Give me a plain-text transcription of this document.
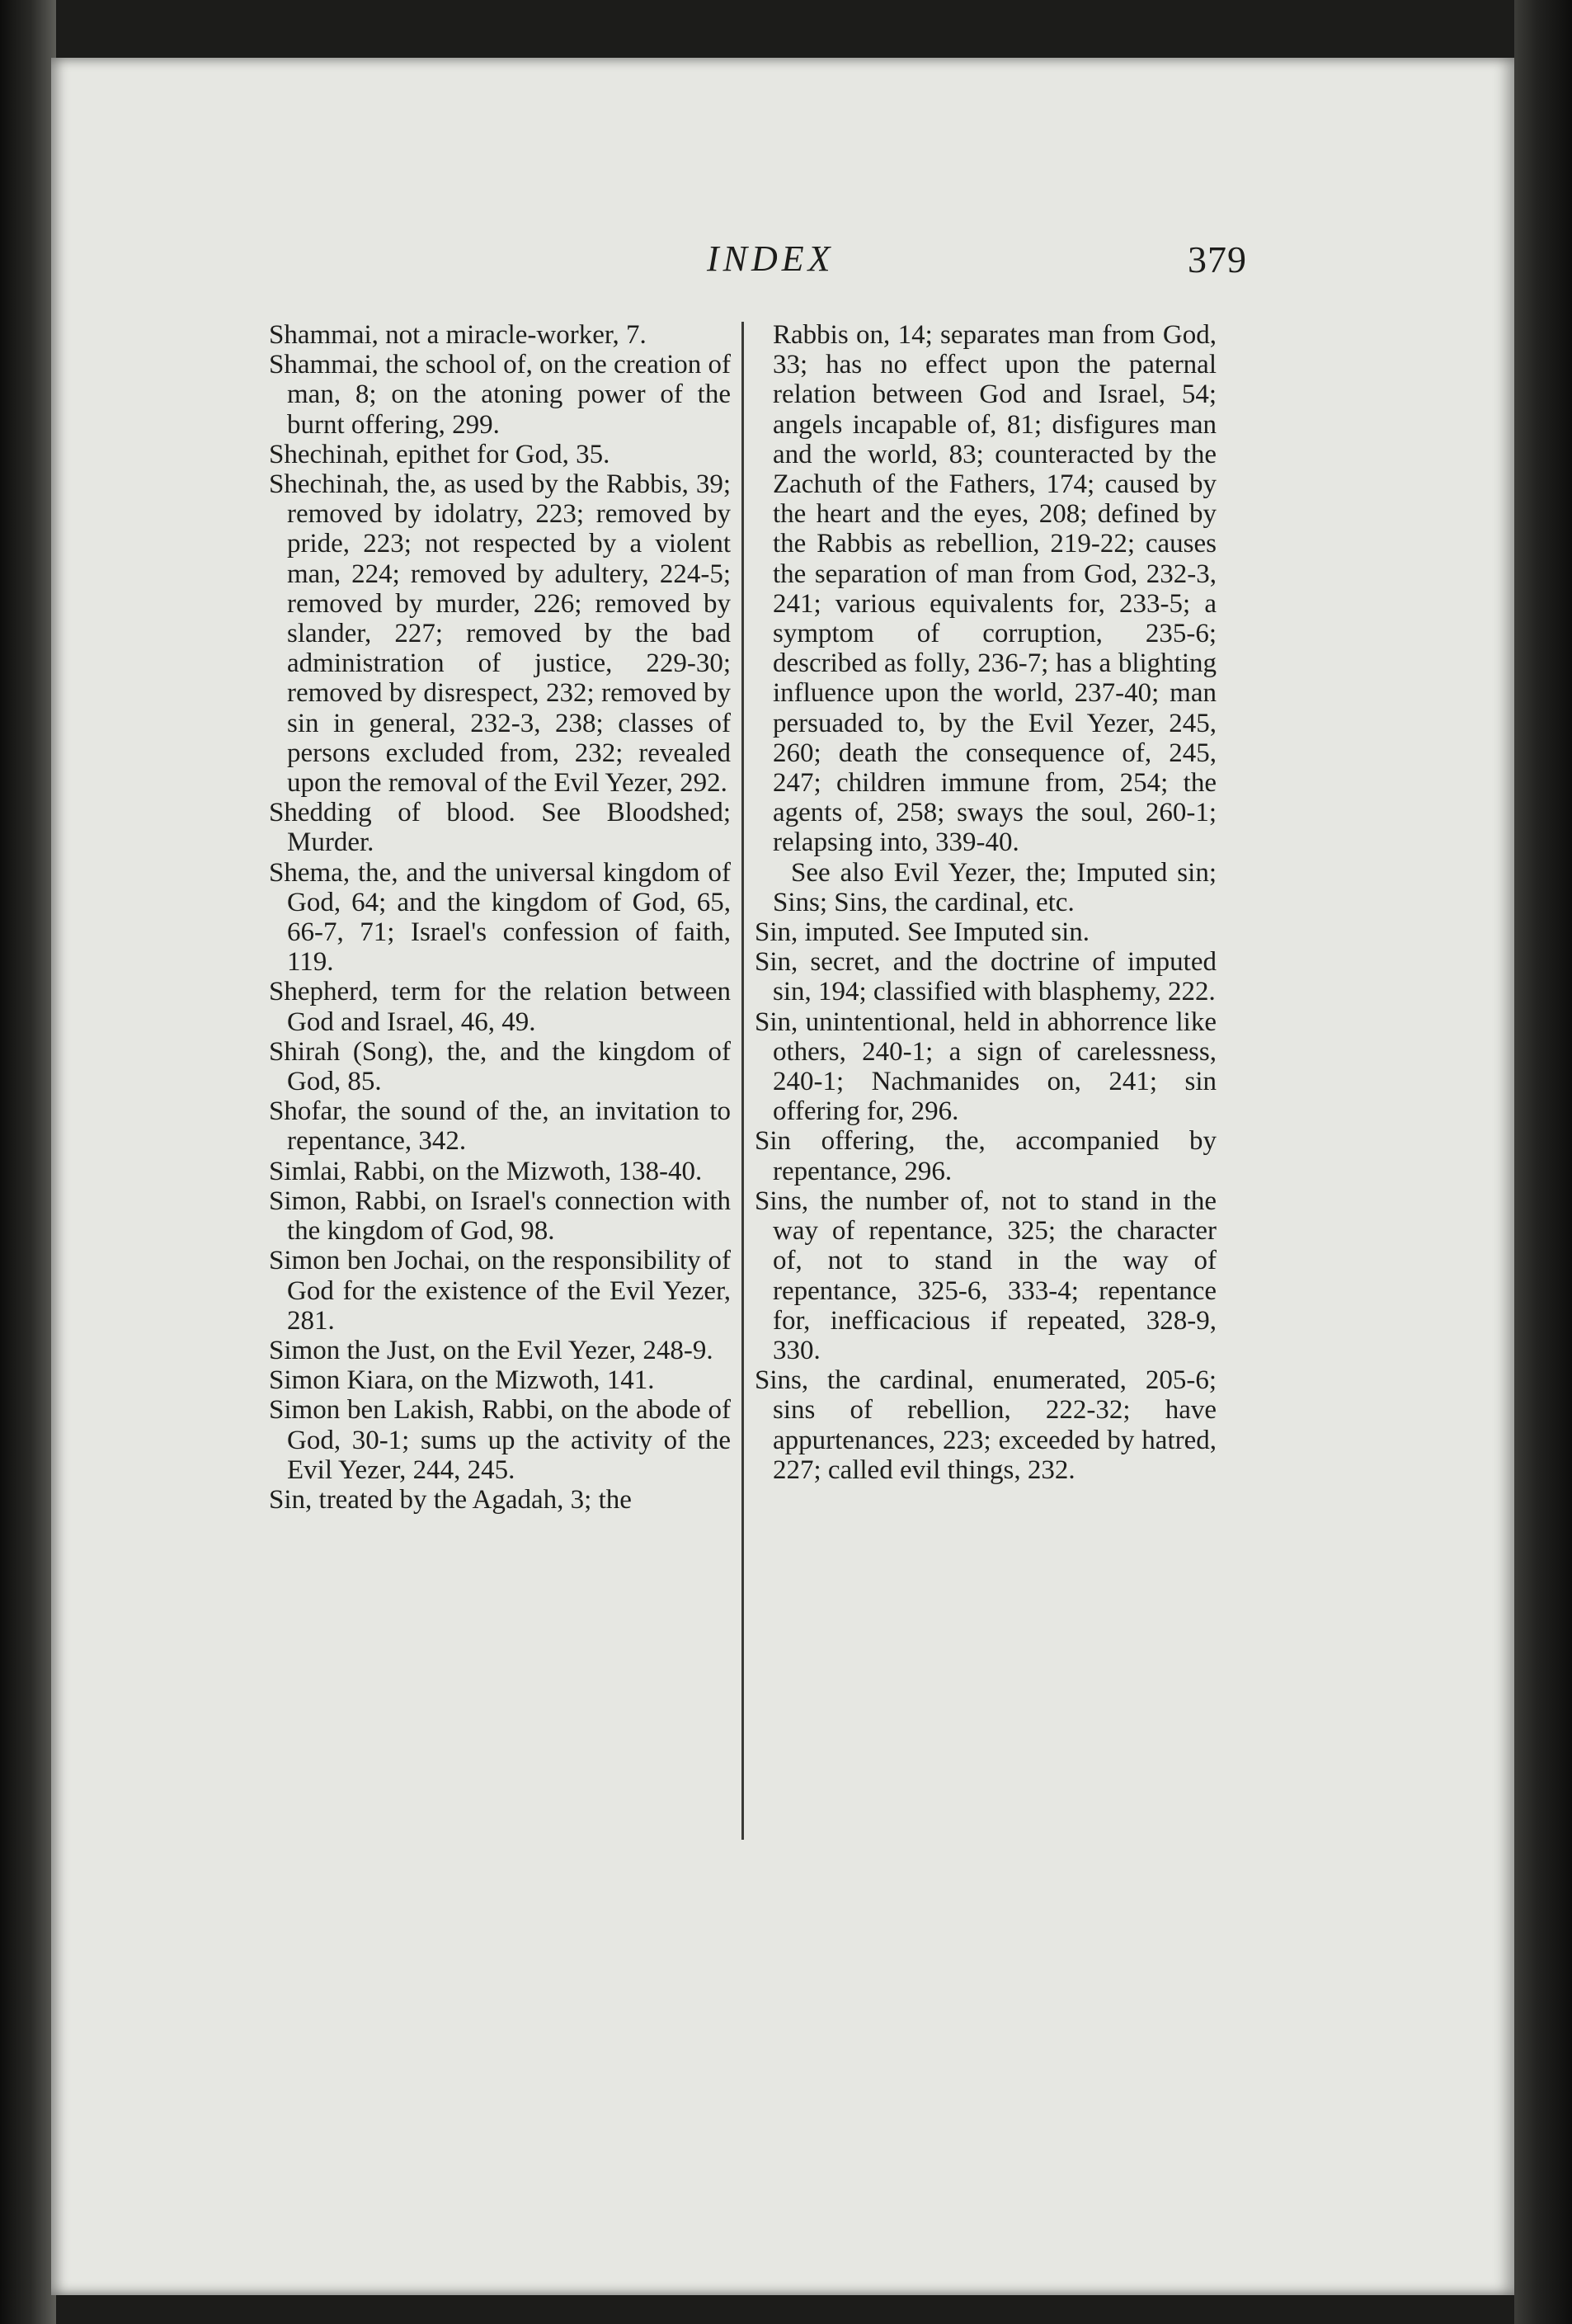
INDEX	379

Shammai, not a miracle-worker, 7.

Shammai, the school of, on the creation of man, 8; on the atoning power of the burnt offering, 299.

Shechinah, epithet for God, 35.

Shechinah, the, as used by the Rabbis, 39; removed by idolatry, 223; removed by pride, 223; not respected by a violent man, 224; removed by adultery, 224-5; removed by murder, 226; removed by slander, 227; removed by the bad administration of justice, 229-30; removed by disrespect, 232; removed by sin in general, 232-3, 238; classes of persons excluded from, 232; revealed upon the removal of the Evil Yezer, 292.

Shedding of blood. See Bloodshed; Murder.

Shema, the, and the universal kingdom of God, 64; and the kingdom of God, 65, 66-7, 71; Israel's confession of faith, 119.

Shepherd, term for the relation between God and Israel, 46, 49.

Shirah (Song), the, and the kingdom of God, 85.

Shofar, the sound of the, an invitation to repentance, 342.

Simlai, Rabbi, on the Mizwoth, 138-40.

Simon, Rabbi, on Israel's connection with the kingdom of God, 98.

Simon ben Jochai, on the responsibility of God for the existence of the Evil Yezer, 281.

Simon the Just, on the Evil Yezer, 248-9.

Simon Kiara, on the Mizwoth, 141.

Simon ben Lakish, Rabbi, on the abode of God, 30-1; sums up the activity of the Evil Yezer, 244, 245.

Sin, treated by the Agadah, 3; the

Rabbis on, 14; separates man from God, 33; has no effect upon the paternal relation between God and Israel, 54; angels incapable of, 81; disfigures man and the world, 83; counteracted by the Zachuth of the Fathers, 174; caused by the heart and the eyes, 208; defined by the Rabbis as rebellion, 219-22; causes the separation of man from God, 232-3, 241; various equivalents for, 233-5; a symptom of corruption, 235-6; described as folly, 236-7; has a blighting influence upon the world, 237-40; man persuaded to, by the Evil Yezer, 245, 260; death the consequence of, 245, 247; children immune from, 254; the agents of, 258; sways the soul, 260-1; relapsing into, 339-40.

See also Evil Yezer, the; Imputed sin; Sins; Sins, the cardinal, etc.

Sin, imputed. See Imputed sin.

Sin, secret, and the doctrine of imputed sin, 194; classified with blasphemy, 222.

Sin, unintentional, held in abhorrence like others, 240-1; a sign of carelessness, 240-1; Nachmanides on, 241; sin offering for, 296.

Sin offering, the, accompanied by repentance, 296.

Sins, the number of, not to stand in the way of repentance, 325; the character of, not to stand in the way of repentance, 325-6, 333-4; repentance for, inefficacious if repeated, 328-9, 330.

Sins, the cardinal, enumerated, 205-6; sins of rebellion, 222-32; have appurtenances, 223; exceeded by hatred, 227; called evil things, 232.
